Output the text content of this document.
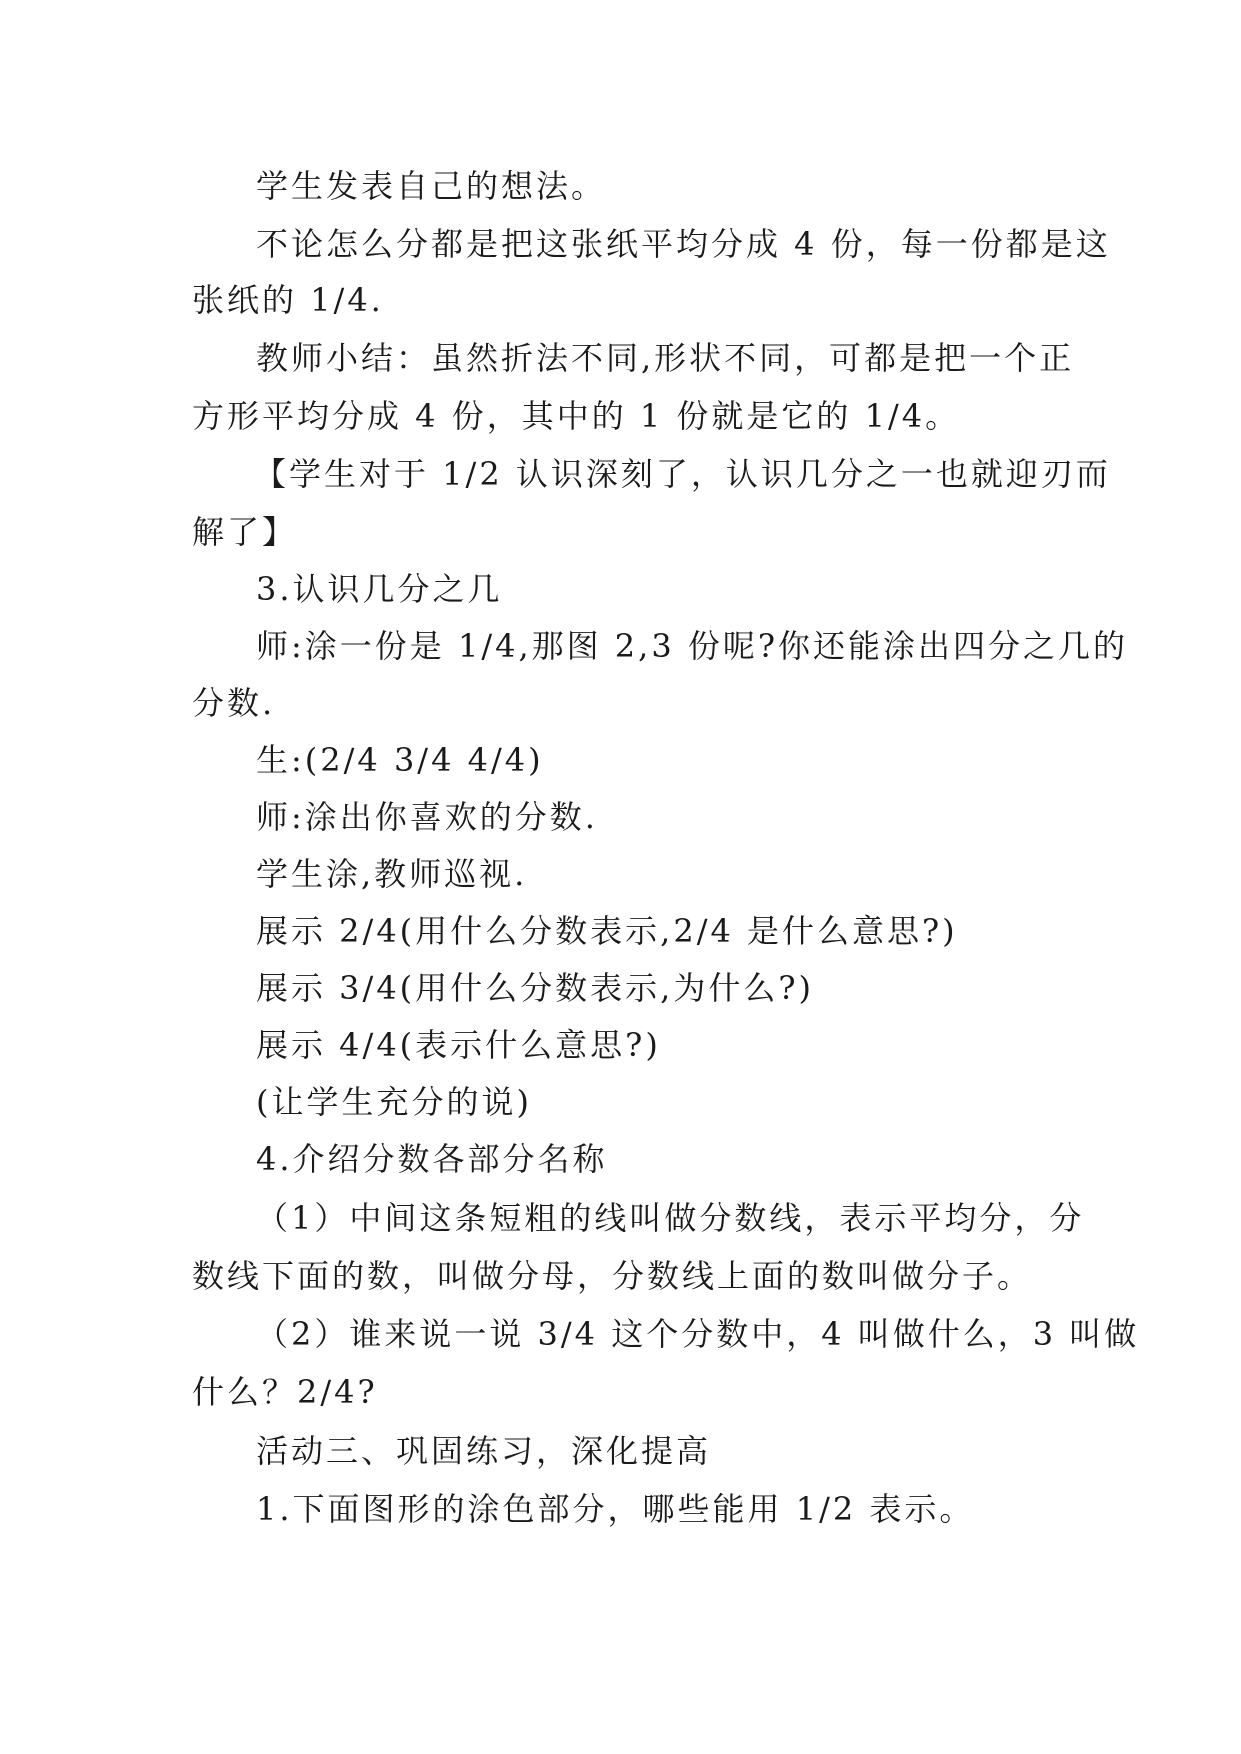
学生发表自己的想法。
不论怎么分都是把这张纸平均分成 4 份，每一份都是这
张纸的 1/4.
教师小结：虽然折法不同,形状不同，可都是把一个正
方形平均分成 4 份，其中的 1 份就是它的 1/4。
【学生对于 1/2 认识深刻了，认识几分之一也就迎刃而
解了】
3.认识几分之几
师:涂一份是 1/4,那图 2,3 份呢?你还能涂出四分之几的
分数.
生:(2/4 3/4 4/4)
师:涂出你喜欢的分数.
学生涂,教师巡视.
展示 2/4(用什么分数表示,2/4 是什么意思?)
展示 3/4(用什么分数表示,为什么?)
展示 4/4(表示什么意思?)
(让学生充分的说)
4.介绍分数各部分名称
（1）中间这条短粗的线叫做分数线，表示平均分，分
数线下面的数，叫做分母，分数线上面的数叫做分子。
（2）谁来说一说 3/4 这个分数中，4 叫做什么，3 叫做
什么？2/4?
活动三、巩固练习，深化提高
1.下面图形的涂色部分，哪些能用 1/2 表示。
